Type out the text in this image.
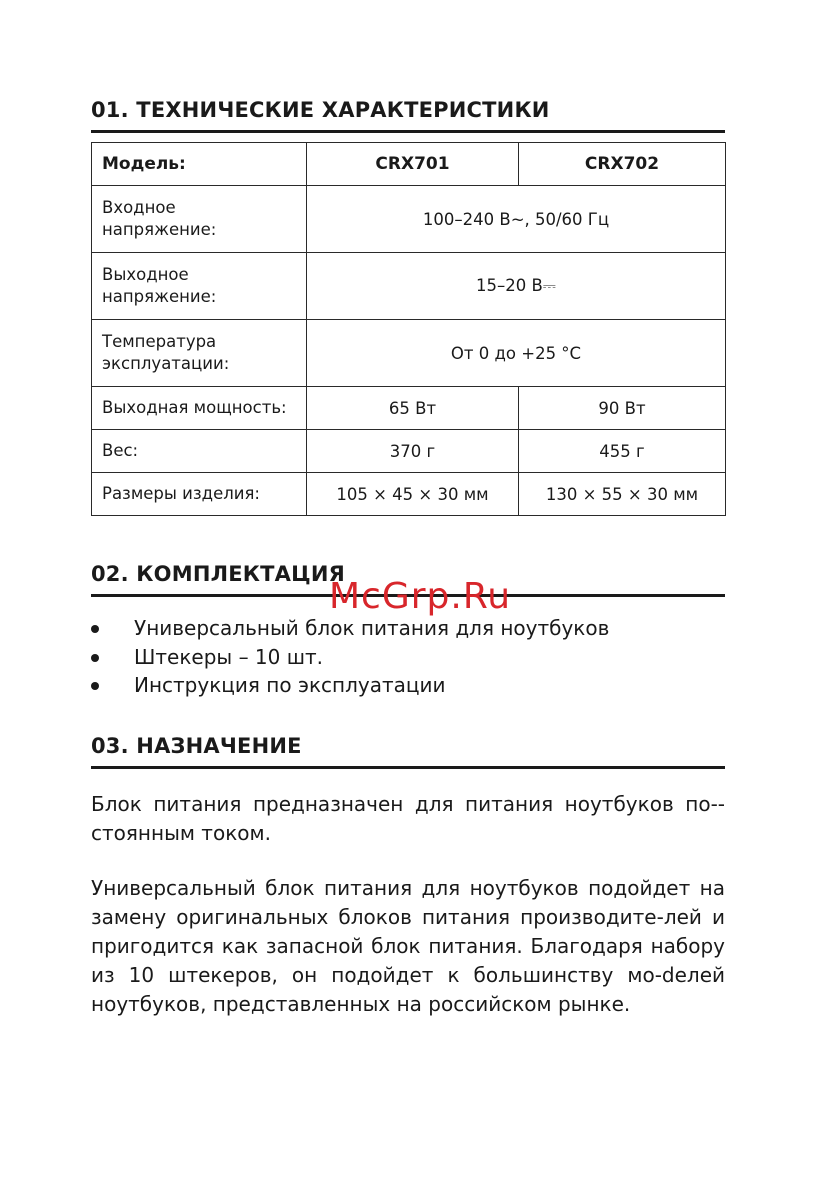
01. ТЕХНИЧЕСКИЕ ХАРАКТЕРИСТИКИ
Модель:	CRX701	CRX702
Входное
напряжение:	100–240 В~, 50/60 Гц	
Выходное
напряжение:	15–20 В⎓	
Температура
эксплуатации:	От 0 до +25 °С	
Выходная мощность:	65 Вт	90 Вт
Вес:	370 г	455 г
Размеры изделия:	105 × 45 × 30 мм	130 × 55 × 30 мм
02. КОМПЛЕКТАЦИЯ
Универсальный блок питания для ноутбуков
Штекеры – 10 шт.
Инструкция по эксплуатации
03. НАЗНАЧЕНИЕ

Блок питания предназначен для питания ноутбуков по-стоянным током.

Универсальный блок питания для ноутбуков подойдет на замену оригинальных блоков питания производите-лей и пригодится как запасной блок питания. Благодаря набору из 10 штекеров, он подойдет к большинству мо-dелей ноутбуков, представленных на российском рынке.

McGrp.Ru
